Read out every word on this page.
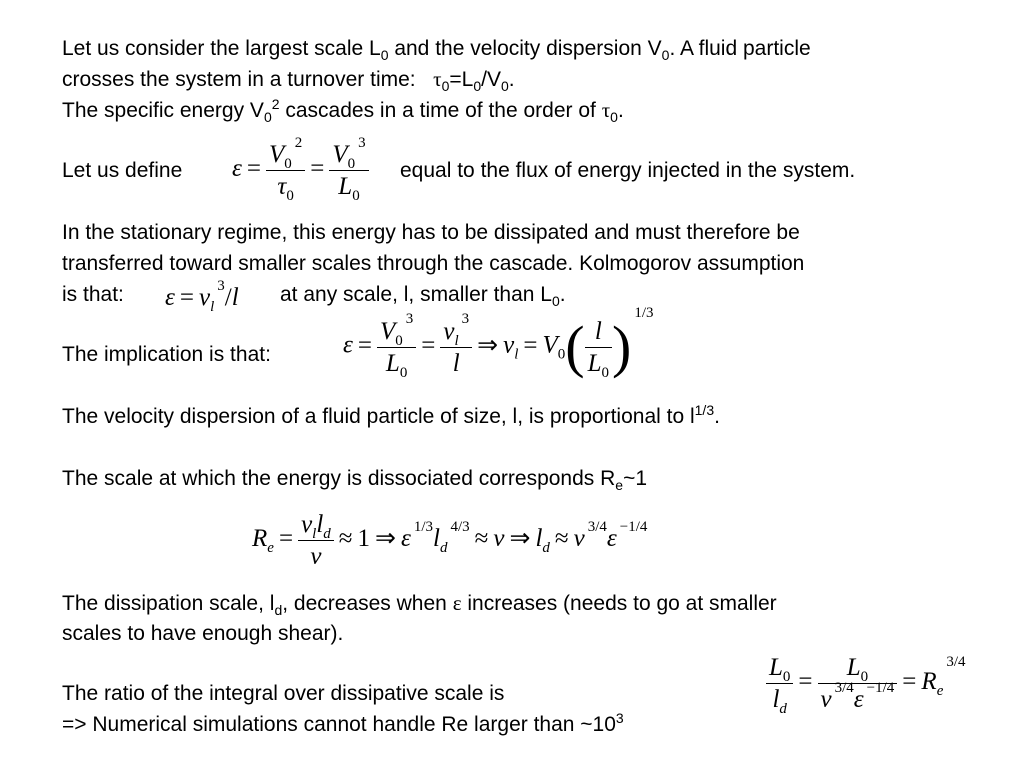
Let us consider the largest scale $L_0$ and the velocity dispersion $V_0$. A fluid particle
crosses the system in a turnover time: $\tau_0=L_0/V_0$.
The specific energy $V_0^2$ cascades in a time of the order of $\tau_0$.
Let us define	equal to the flux of energy injected in the system.
$\varepsilon = \frac{V_0^2}{\tau_0} = \frac{V_0^3}{L_0}$
In the stationary regime, this energy has to be dissipated and must therefore be
transferred toward smaller scales through the cascade. Kolmogorov assumption
is that: $\varepsilon = v_l^3/l$ at any scale, l, smaller than $L_0$.
The implication is that:	$\varepsilon = \frac{V_0^3}{L_0} = \frac{v_l^3}{l}$ ⇒ $v_l = V_0( \frac{l}{L_0} )^{1/3}$
The velocity dispersion of a fluid particle of size, l, is proportional to $l^{1/3}$.
The scale at which the energy is dissociated corresponds $R_e\sim 1$
$R_e = \frac{v_ll_d}{\nu} \approx 1$ ⇒ ε $^{1/3}l_d^{4/3} \approx \nu$ ⇒ $l_d \approx \nu$ $^{3/4}$ε $^{-1/4}$
The dissipation scale, $l_d$, decreases when ε increases (needs to go at smaller
scales to have enough shear).
The ratio of the integral over dissipative scale is
=> Numerical simulations cannot handle Re larger than $\sim 10^3$
$\frac{L_0}{l_d} = \frac{L_0}{\nu ^{3/4}\varepsilon ^{-1/4}} = R_e^{3/4}$
